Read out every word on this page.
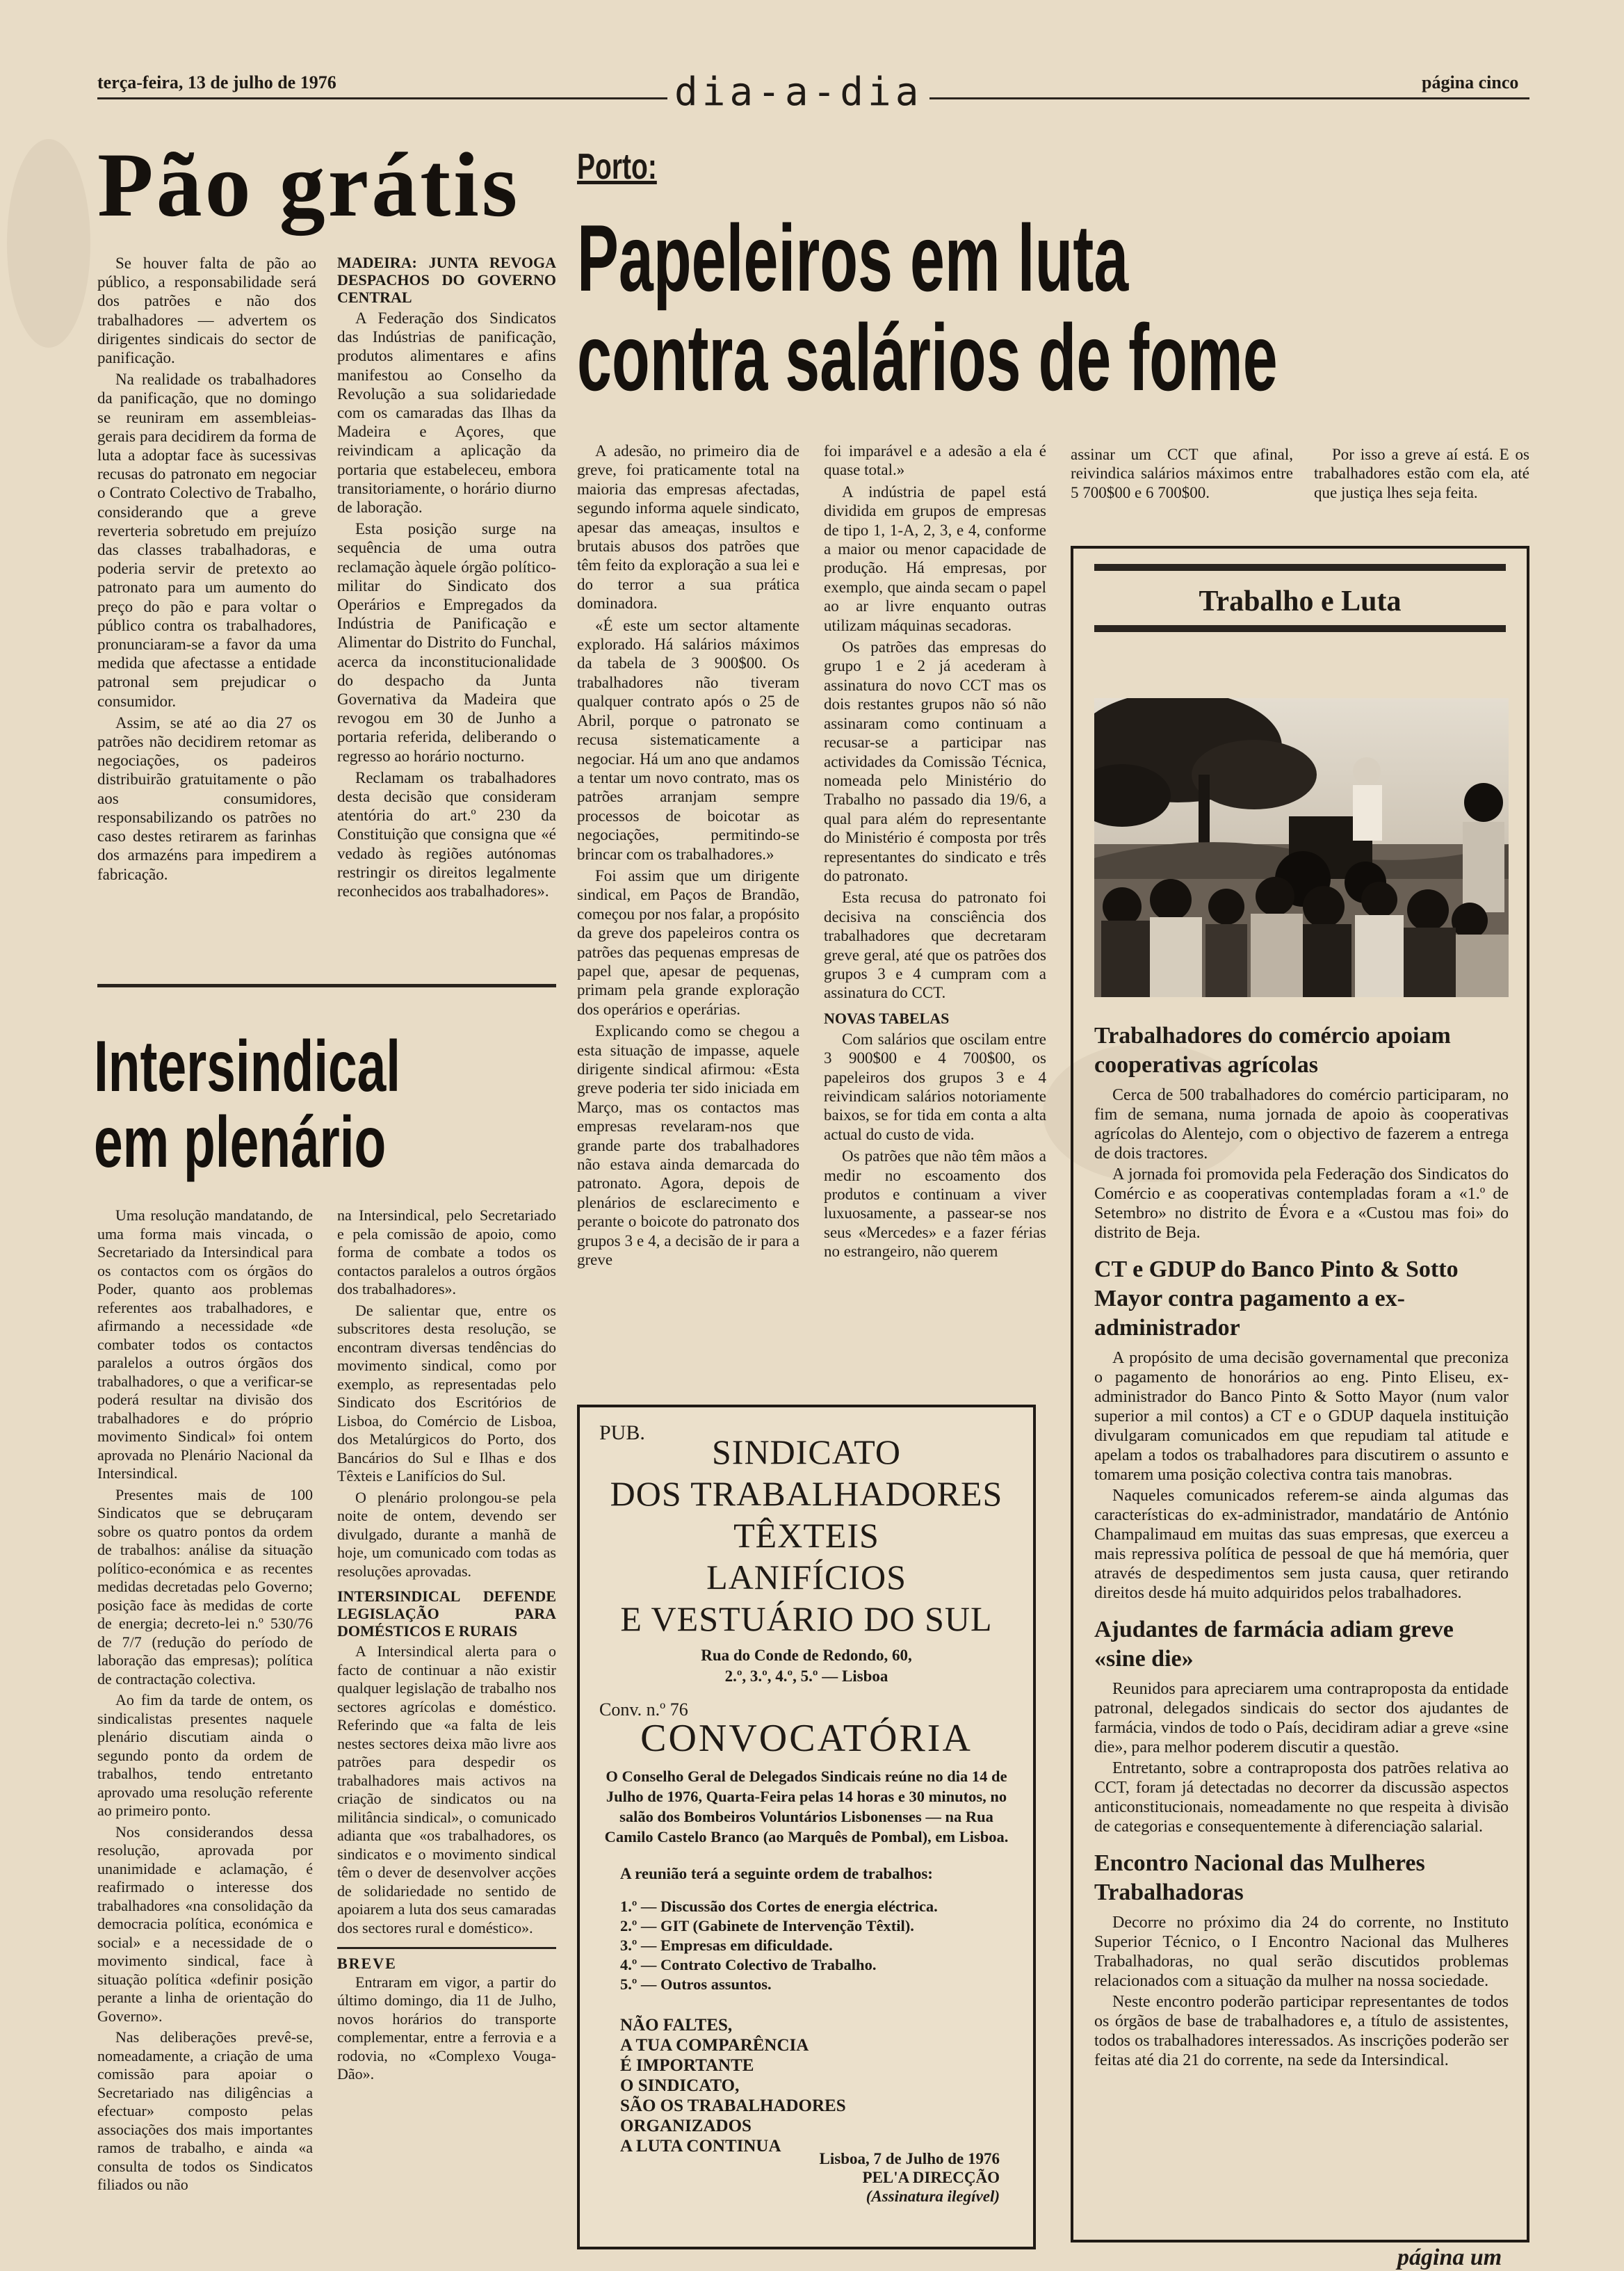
terça-feira, 13 de julho de 1976	dia-a-dia	página cinco
Pão grátis

Se houver falta de pão ao público, a responsabilidade será dos patrões e não dos trabalhadores — advertem os dirigentes sindicais do sector de panificação.

Na realidade os trabalhadores da panificação, que no domingo se reuniram em assembleias-gerais para decidirem da forma de luta a adoptar face às sucessivas recusas do patronato em negociar o Contrato Colectivo de Trabalho, considerando que a greve reverteria sobretudo em prejuízo das classes trabalhadoras, e poderia servir de pretexto ao patronato para um aumento do preço do pão e para voltar o público contra os trabalhadores, pronunciaram-se a favor da uma medida que afectasse a entidade patronal sem prejudicar o consumidor.

Assim, se até ao dia 27 os patrões não decidirem retomar as negociações, os padeiros distribuirão gratuitamente o pão aos consumidores, responsabilizando os patrões no caso destes retirarem as farinhas dos armazéns para impedirem a fabricação.

MADEIRA: JUNTA REVOGA DESPACHOS DO GOVERNO CENTRAL

A Federação dos Sindicatos das Indústrias de panificação, produtos alimentares e afins manifestou ao Conselho da Revolução a sua solidariedade com os camaradas das Ilhas da Madeira e Açores, que reivindicam a aplicação da portaria que estabeleceu, embora transitoriamente, o horário diurno de laboração.

Esta posição surge na sequência de uma outra reclamação àquele órgão político-militar do Sindicato dos Operários e Empregados da Indústria de Panificação e Alimentar do Distrito do Funchal, acerca da inconstitucionalidade do despacho da Junta Governativa da Madeira que revogou em 30 de Junho a portaria referida, deliberando o regresso ao horário nocturno.

Reclamam os trabalhadores desta decisão que consideram atentória do art.º 230 da Constituição que consigna que «é vedado às regiões autónomas restringir os direitos legalmente reconhecidos aos trabalhadores».

Intersindical
em plenário

Uma resolução mandatando, de uma forma mais vincada, o Secretariado da Intersindical para os contactos com os órgãos do Poder, quanto aos problemas referentes aos trabalhadores, e afirmando a necessidade «de combater todos os contactos paralelos a outros órgãos dos trabalhadores, o que a verificar-se poderá resultar na divisão dos trabalhadores e do próprio movimento Sindical» foi ontem aprovada no Plenário Nacional da Intersindical.

Presentes mais de 100 Sindicatos que se debruçaram sobre os quatro pontos da ordem de trabalhos: análise da situação político-económica e as recentes medidas decretadas pelo Governo; posição face às medidas de corte de energia; decreto-lei n.º 530/76 de 7/7 (redução do período de laboração das empresas); política de contractação colectiva.

Ao fim da tarde de ontem, os sindicalistas presentes naquele plenário discutiam ainda o segundo ponto da ordem de trabalhos, tendo entretanto aprovado uma resolução referente ao primeiro ponto.

Nos considerandos dessa resolução, aprovada por unanimidade e aclamação, é reafirmado o interesse dos trabalhadores «na consolidação da democracia política, económica e social» e a necessidade de o movimento sindical, face à situação política «definir posição perante a linha de orientação do Governo».

Nas deliberações prevê-se, nomeadamente, a criação de uma comissão para apoiar o Secretariado nas diligências a efectuar» composto pelas associações dos mais importantes ramos de trabalho, e ainda «a consulta de todos os Sindicatos filiados ou não

na Intersindical, pelo Secretariado e pela comissão de apoio, como forma de combate a todos os contactos paralelos a outros órgãos dos trabalhadores».

De salientar que, entre os subscritores desta resolução, se encontram diversas tendências do movimento sindical, como por exemplo, as representadas pelo Sindicato dos Escritórios de Lisboa, do Comércio de Lisboa, dos Metalúrgicos do Porto, dos Bancários do Sul e Ilhas e dos Têxteis e Lanifícios do Sul.

O plenário prolongou-se pela noite de ontem, devendo ser divulgado, durante a manhã de hoje, um comunicado com todas as resoluções aprovadas.

INTERSINDICAL DEFENDE LEGISLAÇÃO PARA DOMÉSTICOS E RURAIS

A Intersindical alerta para o facto de continuar a não existir qualquer legislação de trabalho nos sectores agrícolas e doméstico. Referindo que «a falta de leis nestes sectores deixa mão livre aos patrões para despedir os trabalhadores mais activos na criação de sindicatos ou na militância sindical», o comunicado adianta que «os trabalhadores, os sindicatos e o movimento sindical têm o dever de desenvolver acções de solidariedade no sentido de apoiarem a luta dos seus camaradas dos sectores rural e doméstico».

BREVE

Entraram em vigor, a partir do último domingo, dia 11 de Julho, novos horários do transporte complementar, entre a ferrovia e a rodovia, no «Complexo Vouga-Dão».

Porto:
Papeleiros em luta
contra salários de fome

A adesão, no primeiro dia de greve, foi praticamente total na maioria das empresas afectadas, segundo informa aquele sindicato, apesar das ameaças, insultos e brutais abusos dos patrões que têm feito da exploração a sua lei e do terror a sua prática dominadora.

«É este um sector altamente explorado. Há salários máximos da tabela de 3 900$00. Os trabalhadores não tiveram qualquer contrato após o 25 de Abril, porque o patronato se recusa sistematicamente a negociar. Há um ano que andamos a tentar um novo contrato, mas os patrões arranjam sempre processos de boicotar as negociações, permitindo-se brincar com os trabalhadores.»

Foi assim que um dirigente sindical, em Paços de Brandão, começou por nos falar, a propósito da greve dos papeleiros contra os patrões das pequenas empresas de papel que, apesar de pequenas, primam pela grande exploração dos operários e operárias.

Explicando como se chegou a esta situação de impasse, aquele dirigente sindical afirmou: «Esta greve poderia ter sido iniciada em Março, mas os contactos mas empresas revelaram-nos que grande parte dos trabalhadores não estava ainda demarcada do patronato. Agora, depois de plenários de esclarecimento e perante o boicote do patronato dos grupos 3 e 4, a decisão de ir para a greve

foi imparável e a adesão a ela é quase total.»

A indústria de papel está dividida em grupos de empresas de tipo 1, 1-A, 2, 3, e 4, conforme a maior ou menor capacidade de produção. Há empresas, por exemplo, que ainda secam o papel ao ar livre enquanto outras utilizam máquinas secadoras.

Os patrões das empresas do grupo 1 e 2 já acederam à assinatura do novo CCT mas os dois restantes grupos não só não assinaram como continuam a recusar-se a participar nas actividades da Comissão Técnica, nomeada pelo Ministério do Trabalho no passado dia 19/6, a qual para além do representante do Ministério é composta por três representantes do sindicato e três do patronato.

Esta recusa do patronato foi decisiva na consciência dos trabalhadores que decretaram greve geral, até que os patrões dos grupos 3 e 4 cumpram com a assinatura do CCT.

NOVAS TABELAS

Com salários que oscilam entre 3 900$00 e 4 700$00, os papeleiros dos grupos 3 e 4 reivindicam salários notoriamente baixos, se for tida em conta a alta actual do custo de vida.

Os patrões que não têm mãos a medir no escoamento dos produtos e continuam a viver luxuosamente, a passear-se nos seus «Mercedes» e a fazer férias no estrangeiro, não querem

assinar um CCT que afinal, reivindica salários máximos entre 5 700$00 e 6 700$00.

Por isso a greve aí está. E os trabalhadores estão com ela, até que justiça lhes seja feita.

PUB.	SINDICATO
DOS TRABALHADORES
TÊXTEIS
LANIFÍCIOS
E VESTUÁRIO DO SUL
Rua do Conde de Redondo, 60,
2.º, 3.º, 4.º, 5.º — Lisboa
Conv. n.º 76
CONVOCATÓRIA
O Conselho Geral de Delegados Sindicais reúne no dia 14 de Julho de 1976, Quarta-Feira pelas 14 horas e 30 minutos, no salão dos Bombeiros Voluntários Lisbonenses — na Rua Camilo Castelo Branco (ao Marquês de Pombal), em Lisboa.
A reunião terá a seguinte ordem de trabalhos:
1.º — Discussão dos Cortes de energia eléctrica.
2.º — GIT (Gabinete de Intervenção Têxtil).
3.º — Empresas em dificuldade.
4.º — Contrato Colectivo de Trabalho.
5.º — Outros assuntos.
NÃO FALTES,
A TUA COMPARÊNCIA
É IMPORTANTE
O SINDICATO,
SÃO OS TRABALHADORES
ORGANIZADOS
A LUTA CONTINUA
Lisboa, 7 de Julho de 1976
PEL'A DIRECÇÃO
(Assinatura ilegível)
Trabalho e Luta
Trabalhadores do comércio apoiam cooperativas agrícolas

Cerca de 500 trabalhadores do comércio participaram, no fim de semana, numa jornada de apoio às cooperativas agrícolas do Alentejo, com o objectivo de fazerem a entrega de dois tractores.

A jornada foi promovida pela Federação dos Sindicatos do Comércio e as cooperativas contempladas foram a «1.º de Setembro» no distrito de Évora e a «Custou mas foi» do distrito de Beja.

CT e GDUP do Banco Pinto & Sotto Mayor contra pagamento a ex-administrador

A propósito de uma decisão governamental que preconiza o pagamento de honorários ao eng. Pinto Eliseu, ex-administrador do Banco Pinto & Sotto Mayor (num valor superior a mil contos) a CT e o GDUP daquela instituição divulgaram comunicados em que repudiam tal atitude e apelam a todos os trabalhadores para discutirem o assunto e tomarem uma posição colectiva contra tais manobras.

Naqueles comunicados referem-se ainda algumas das características do ex-administrador, mandatário de António Champalimaud em muitas das suas empresas, que exerceu a mais repressiva política de pessoal de que há memória, quer através de despedimentos sem justa causa, quer retirando direitos desde há muito adquiridos pelos trabalhadores.

Ajudantes de farmácia adiam greve «sine die»

Reunidos para apreciarem uma contraproposta da entidade patronal, delegados sindicais do sector dos ajudantes de farmácia, vindos de todo o País, decidiram adiar a greve «sine die», para melhor poderem discutir a questão.

Entretanto, sobre a contraproposta dos patrões relativa ao CCT, foram já detectadas no decorrer da discussão aspectos anticonstitucionais, nomeadamente no que respeita à divisão de categorias e consequentemente à diferenciação salarial.

Encontro Nacional das Mulheres Trabalhadoras

Decorre no próximo dia 24 do corrente, no Instituto Superior Técnico, o I Encontro Nacional das Mulheres Trabalhadoras, no qual serão discutidos problemas relacionados com a situação da mulher na nossa sociedade.

Neste encontro poderão participar representantes de todos os órgãos de base de trabalhadores e, a título de assistentes, todos os trabalhadores interessados. As inscrições poderão ser feitas até dia 21 do corrente, na sede da Intersindical.

página um
